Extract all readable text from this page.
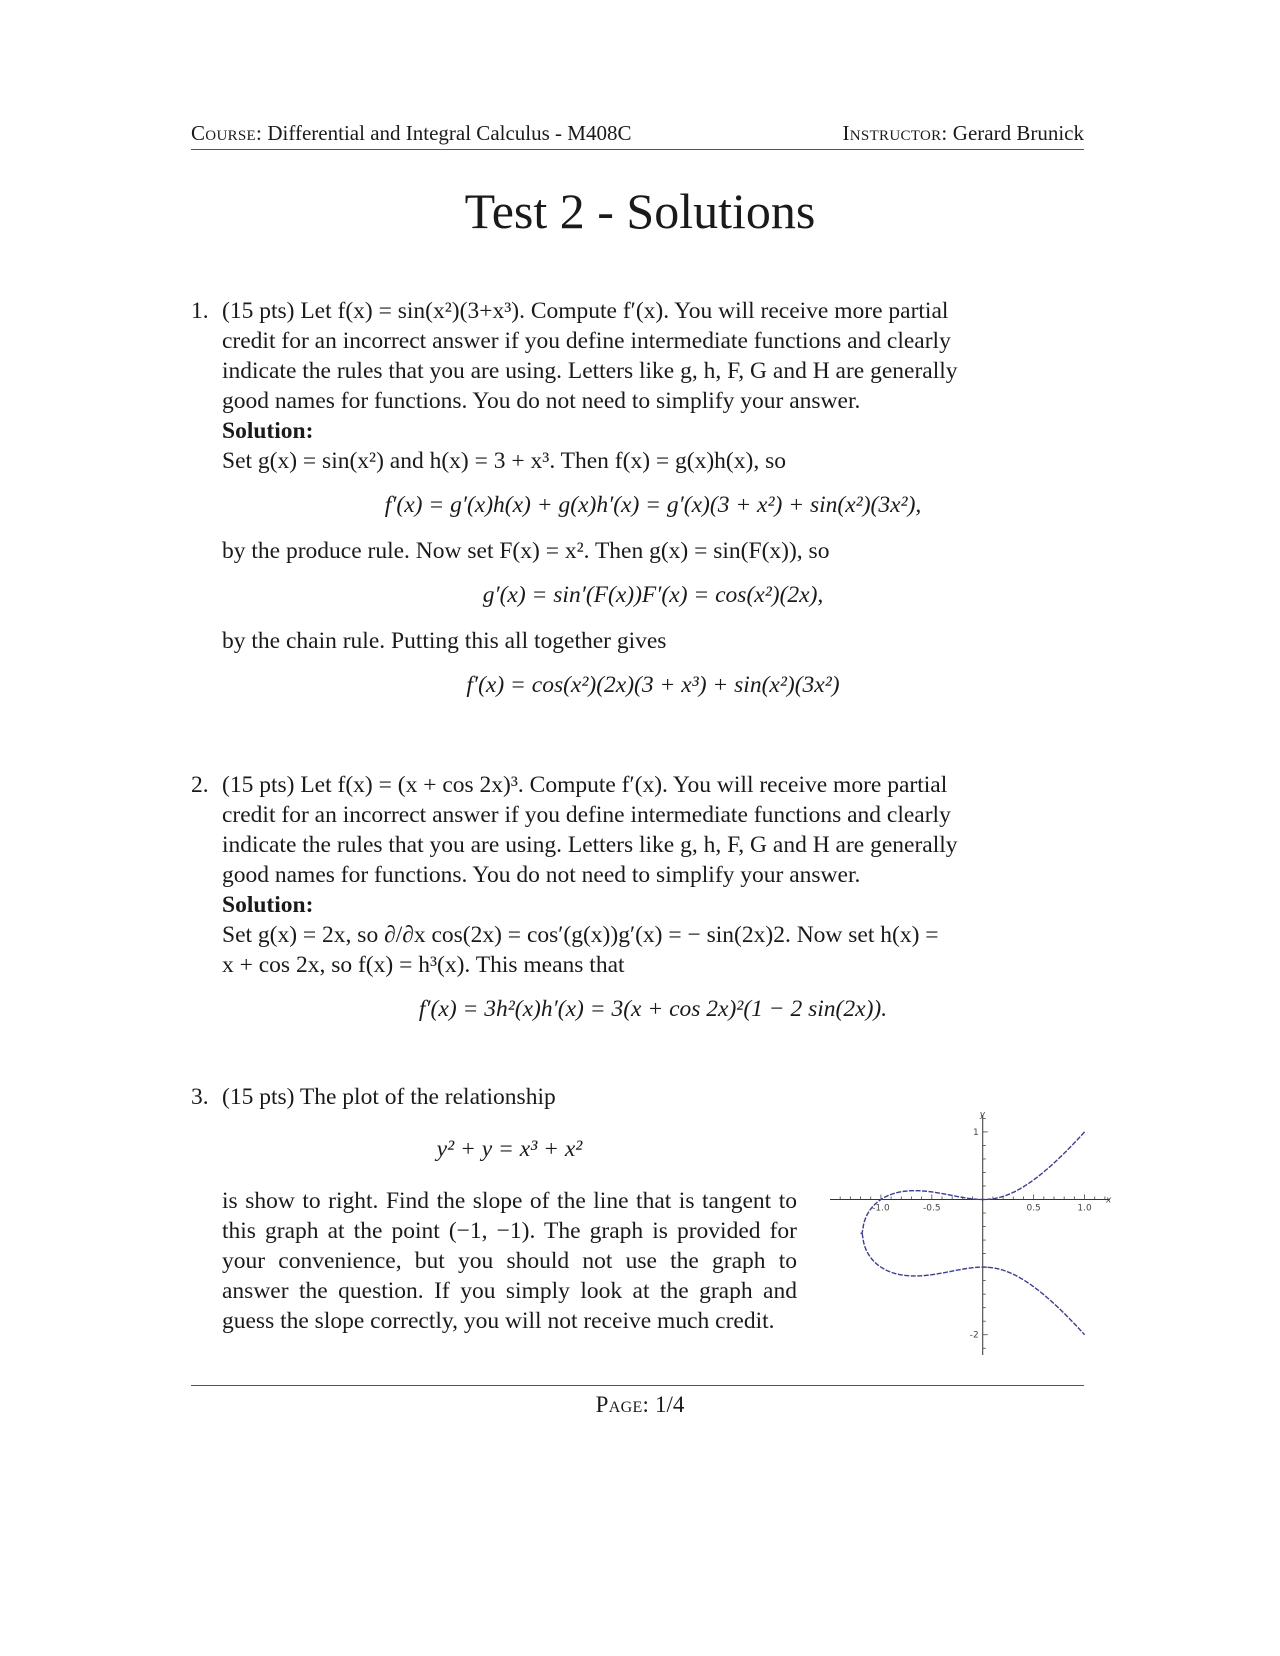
Course: Differential and Integral Calculus - M408C	Instructor: Gerard Brunick
Test 2 - Solutions
1. (15 pts) Let f(x) = sin(x²)(3+x³). Compute f′(x). You will receive more partial
credit for an incorrect answer if you define intermediate functions and clearly
indicate the rules that you are using. Letters like g, h, F, G and H are generally
good names for functions. You do not need to simplify your answer.
Solution:
Set g(x) = sin(x²) and h(x) = 3 + x³. Then f(x) = g(x)h(x), so
f′(x) = g′(x)h(x) + g(x)h′(x) = g′(x)(3 + x²) + sin(x²)(3x²),
by the produce rule. Now set F(x) = x². Then g(x) = sin(F(x)), so
g′(x) = sin′(F(x))F′(x) = cos(x²)(2x),
by the chain rule. Putting this all together gives
f′(x) = cos(x²)(2x)(3 + x³) + sin(x²)(3x²)
2. (15 pts) Let f(x) = (x + cos 2x)³. Compute f′(x). You will receive more partial
credit for an incorrect answer if you define intermediate functions and clearly
indicate the rules that you are using. Letters like g, h, F, G and H are generally
good names for functions. You do not need to simplify your answer.
Solution:
Set g(x) = 2x, so ∂/∂x cos(2x) = cos′(g(x))g′(x) = − sin(2x)2. Now set h(x) =
x + cos 2x, so f(x) = h³(x). This means that
f′(x) = 3h²(x)h′(x) = 3(x + cos 2x)²(1 − 2 sin(2x)).
3. (15 pts) The plot of the relationship
y² + y = x³ + x²
is show to right. Find the slope of the line that is tangent to this graph at the point (−1, −1). The graph is provided for your convenience, but you should not use the graph to answer the question. If you simply look at the graph and guess the slope correctly, you will not receive much credit.
x
y
-1.0	-0.5	0.5	1.0
1
-2
Page: 1/4
